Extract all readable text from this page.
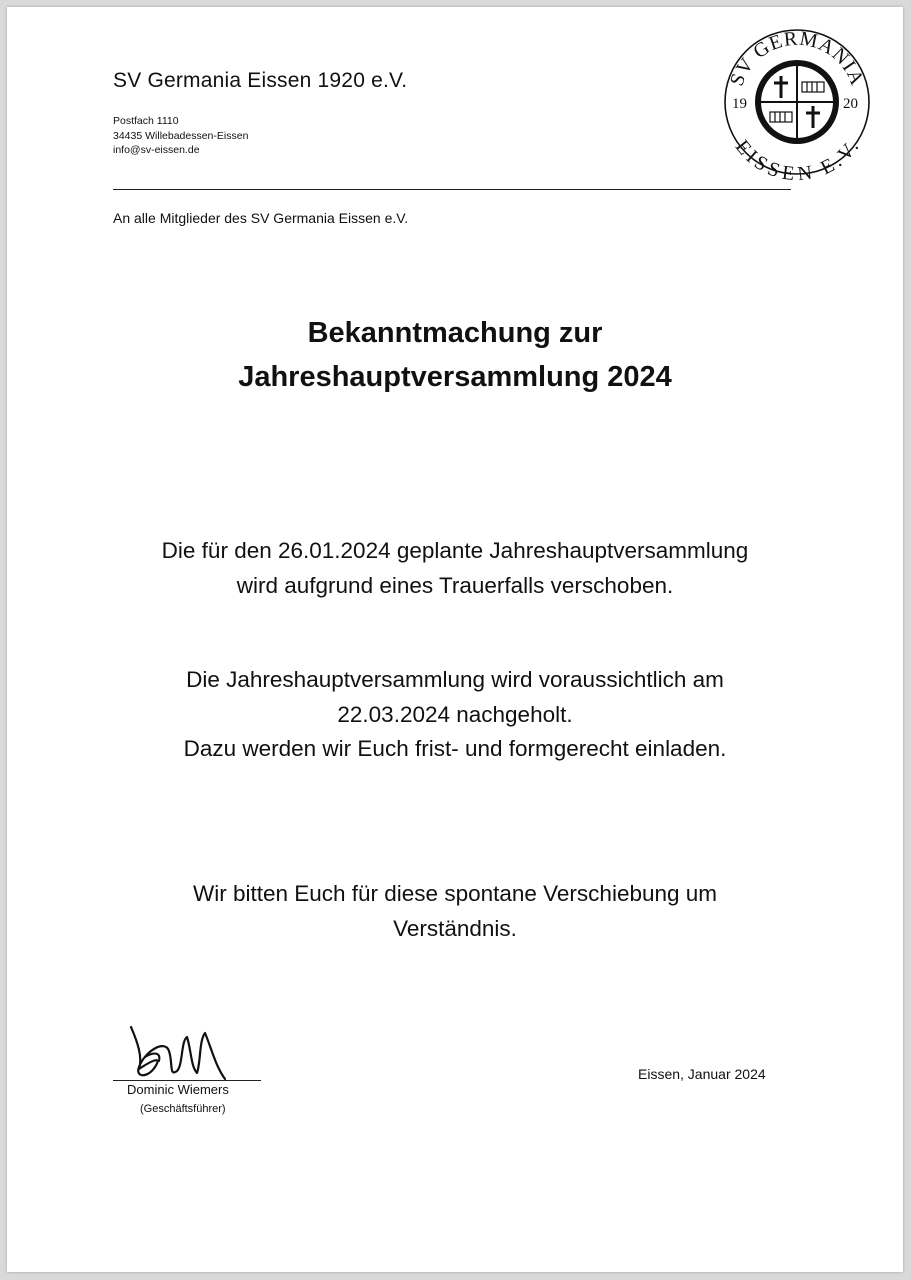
SV Germania Eissen 1920 e.V.
Postfach 1110
34435 Willebadessen-Eissen
info@sv-eissen.de
SV GERMANIA
EISSEN E.V.
19	20
An alle Mitglieder des SV Germania Eissen e.V.
Bekanntmachung zur
Jahreshauptversammlung 2024
Die für den 26.01.2024 geplante Jahreshauptversammlung
wird aufgrund eines Trauerfalls verschoben.
Die Jahreshauptversammlung wird voraussichtlich am
22.03.2024 nachgeholt.
Dazu werden wir Euch frist- und formgerecht einladen.
Wir bitten Euch für diese spontane Verschiebung um
Verständnis.
Dominic Wiemers
(Geschäftsführer)
Eissen, Januar 2024
